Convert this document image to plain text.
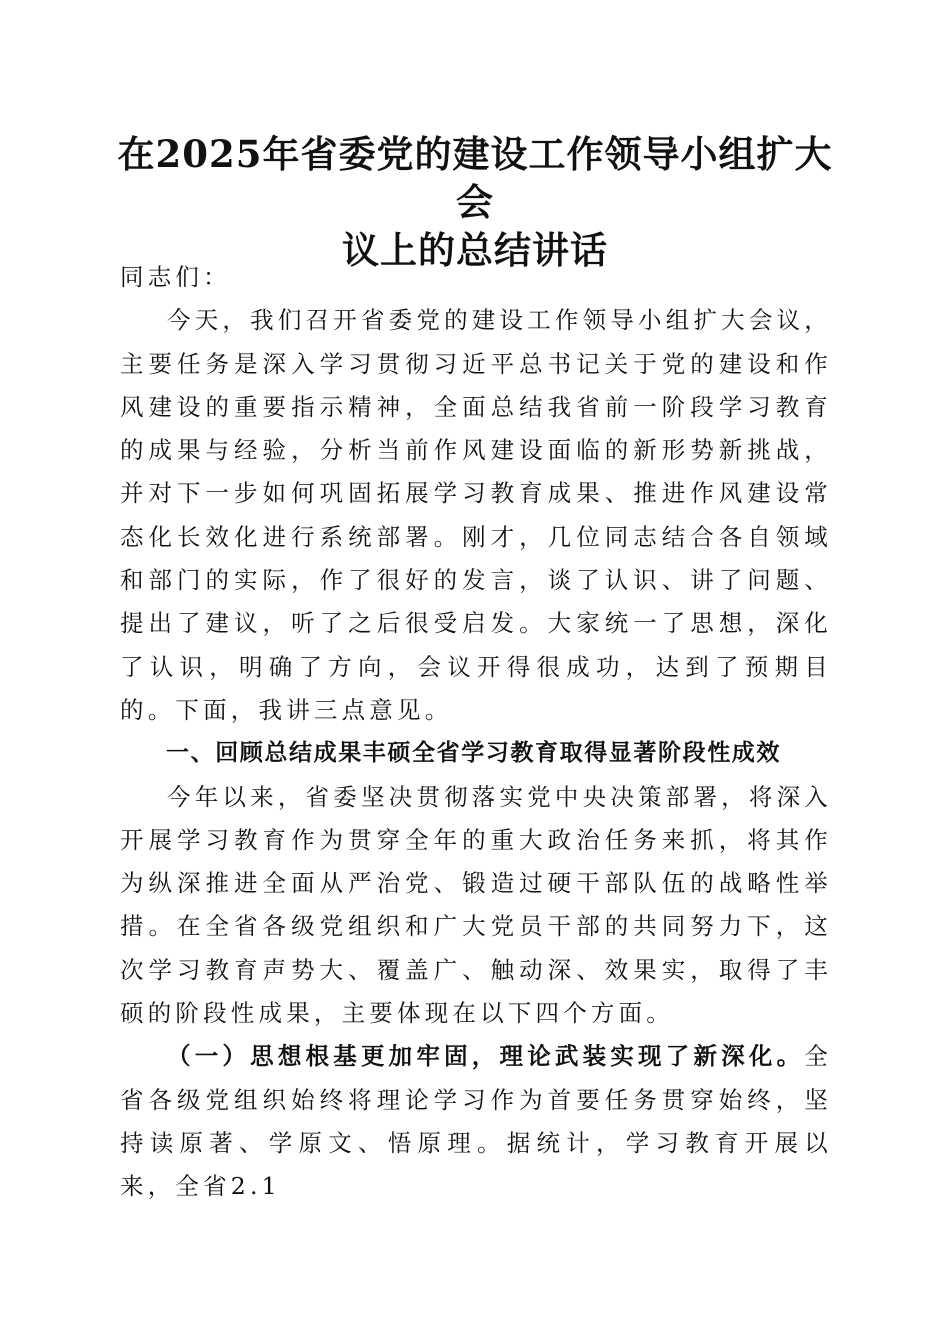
在2025年省委党的建设工作领导小组扩大会
议上的总结讲话

同志们：

今天，我们召开省委党的建设工作领导小组扩大会议，主要任务是深入学习贯彻习近平总书记关于党的建设和作风建设的重要指示精神，全面总结我省前一阶段学习教育的成果与经验，分析当前作风建设面临的新形势新挑战，并对下一步如何巩固拓展学习教育成果、推进作风建设常态化长效化进行系统部署。刚才，几位同志结合各自领域和部门的实际，作了很好的发言，谈了认识、讲了问题、提出了建议，听了之后很受启发。大家统一了思想，深化了认识，明确了方向，会议开得很成功，达到了预期目的。下面，我讲三点意见。

一、回顾总结成果丰硕全省学习教育取得显著阶段性成效

今年以来，省委坚决贯彻落实党中央决策部署，将深入开展学习教育作为贯穿全年的重大政治任务来抓，将其作为纵深推进全面从严治党、锻造过硬干部队伍的战略性举措。在全省各级党组织和广大党员干部的共同努力下，这次学习教育声势大、覆盖广、触动深、效果实，取得了丰硕的阶段性成果，主要体现在以下四个方面。

（一）思想根基更加牢固，理论武装实现了新深化。全省各级党组织始终将理论学习作为首要任务贯穿始终，坚持读原著、学原文、悟原理。据统计，学习教育开展以来，全省2.1
